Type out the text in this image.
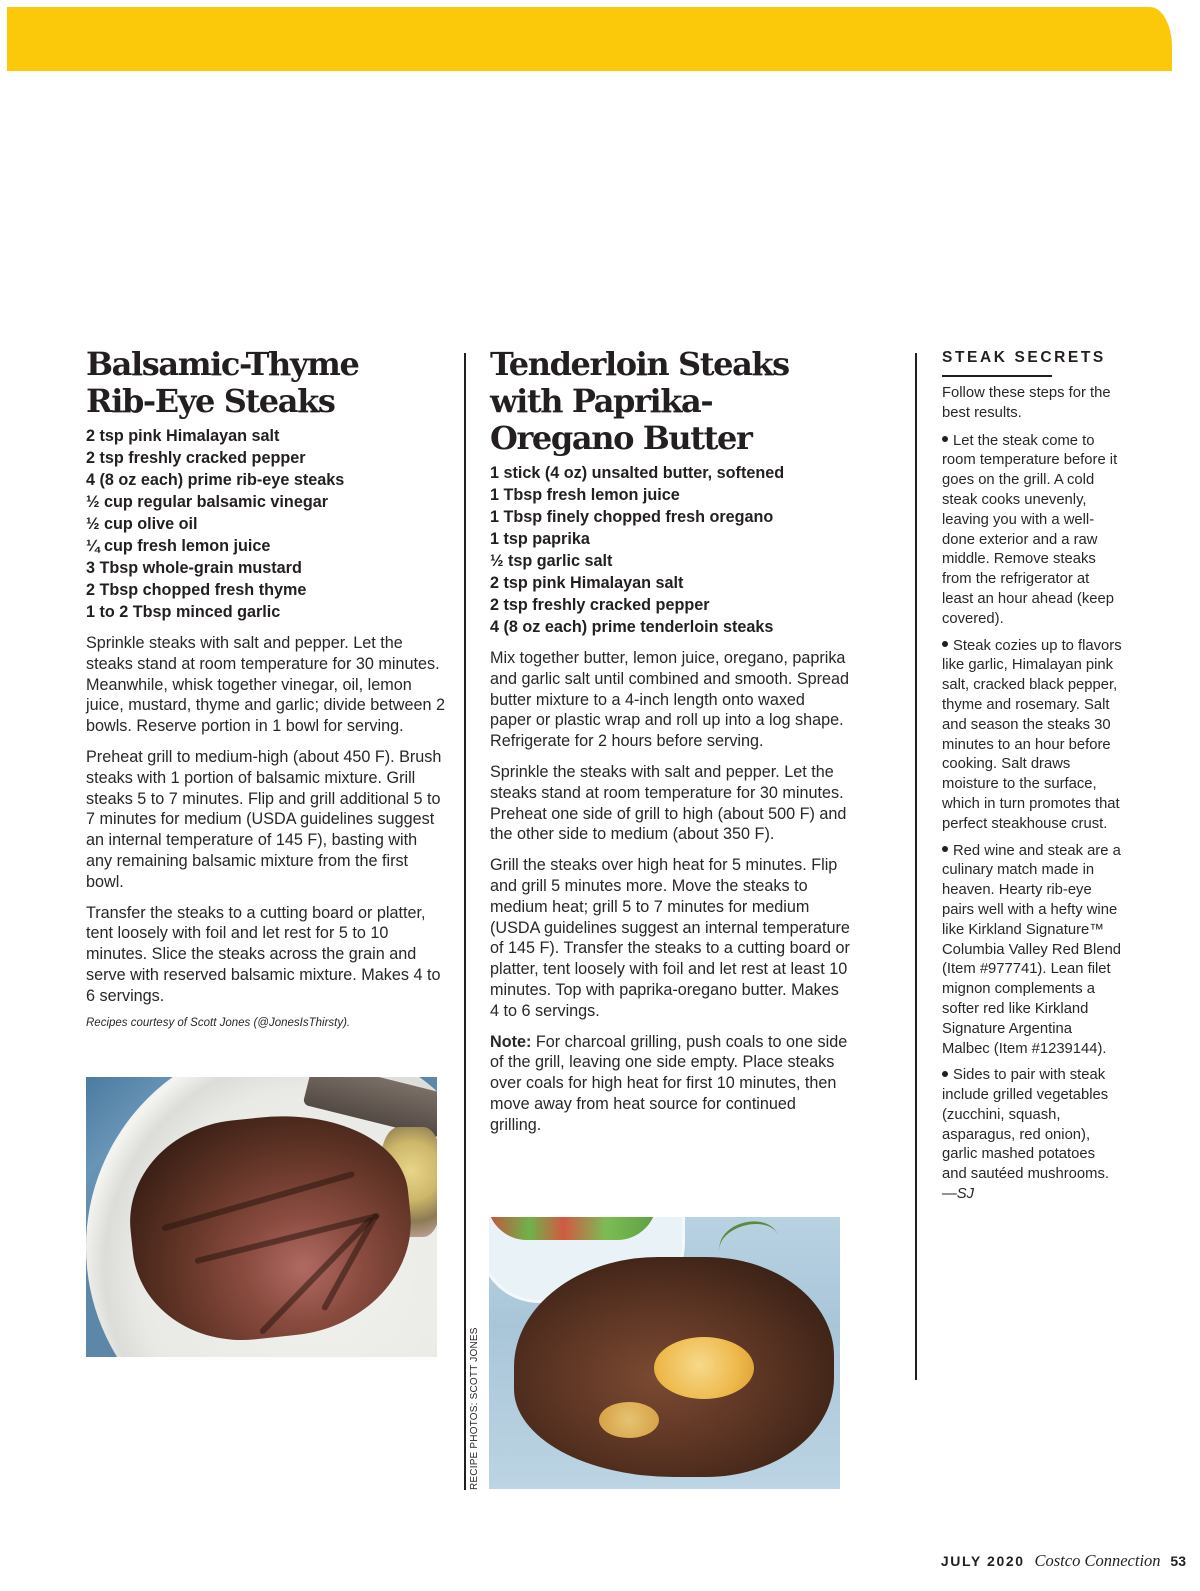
Balsamic-Thyme
Rib-Eye Steaks
2 tsp pink Himalayan salt
2 tsp freshly cracked pepper
4 (8 oz each) prime rib-eye steaks
½ cup regular balsamic vinegar
½ cup olive oil
¼ cup fresh lemon juice
3 Tbsp whole-grain mustard
2 Tbsp chopped fresh thyme
1 to 2 Tbsp minced garlic

Sprinkle steaks with salt and pepper. Let the steaks stand at room temperature for 30 minutes. Meanwhile, whisk together vinegar, oil, lemon juice, mustard, thyme and garlic; divide between 2 bowls. Reserve portion in 1 bowl for serving.

Preheat grill to medium-high (about 450 F). Brush steaks with 1 portion of balsamic mixture. Grill steaks 5 to 7 minutes. Flip and grill additional 5 to 7 minutes for medium (USDA guidelines suggest an internal temperature of 145 F), basting with any remaining balsamic mixture from the first bowl.

Transfer the steaks to a cutting board or platter, tent loosely with foil and let rest for 5 to 10 minutes. Slice the steaks across the grain and serve with reserved balsamic mixture. Makes 4 to 6 servings.

Recipes courtesy of Scott Jones (@JonesIsThirsty).

Tenderloin Steaks
with Paprika-
Oregano Butter
1 stick (4 oz) unsalted butter, softened
1 Tbsp fresh lemon juice
1 Tbsp finely chopped fresh oregano
1 tsp paprika
½ tsp garlic salt
2 tsp pink Himalayan salt
2 tsp freshly cracked pepper
4 (8 oz each) prime tenderloin steaks

Mix together butter, lemon juice, oregano, paprika and garlic salt until combined and smooth. Spread butter mixture to a 4-inch length onto waxed paper or plastic wrap and roll up into a log shape. Refrigerate for 2 hours before serving.

Sprinkle the steaks with salt and pepper. Let the steaks stand at room temperature for 30 minutes. Preheat one side of grill to high (about 500 F) and the other side to medium (about 350 F).

Grill the steaks over high heat for 5 minutes. Flip and grill 5 minutes more. Move the steaks to medium heat; grill 5 to 7 minutes for medium (USDA guidelines suggest an internal temperature of 145 F). Transfer the steaks to a cutting board or platter, tent loosely with foil and let rest at least 10 minutes. Top with paprika-oregano butter. Makes 4 to 6 servings.

Note: For charcoal grilling, push coals to one side of the grill, leaving one side empty. Place steaks over coals for high heat for first 10 minutes, then move away from heat source for continued grilling.

RECIPE PHOTOS: SCOTT JONES
STEAK SECRETS

Follow these steps for the best results.

Let the steak come to room temperature before it goes on the grill. A cold steak cooks unevenly, leaving you with a well-done exterior and a raw middle. Remove steaks from the refrigerator at least an hour ahead (keep covered).

Steak cozies up to flavors like garlic, Himalayan pink salt, cracked black pepper, thyme and rosemary. Salt and season the steaks 30 minutes to an hour before cooking. Salt draws moisture to the surface, which in turn promotes that perfect steakhouse crust.

Red wine and steak are a culinary match made in heaven. Hearty rib-eye pairs well with a hefty wine like Kirkland Signature™ Columbia Valley Red Blend (Item #977741). Lean filet mignon complements a softer red like Kirkland Signature Argentina Malbec (Item #1239144).

Sides to pair with steak include grilled vegetables (zucchini, squash, asparagus, red onion), garlic mashed potatoes and sautéed mushrooms.—SJ

JULY 2020 Costco Connection 53
